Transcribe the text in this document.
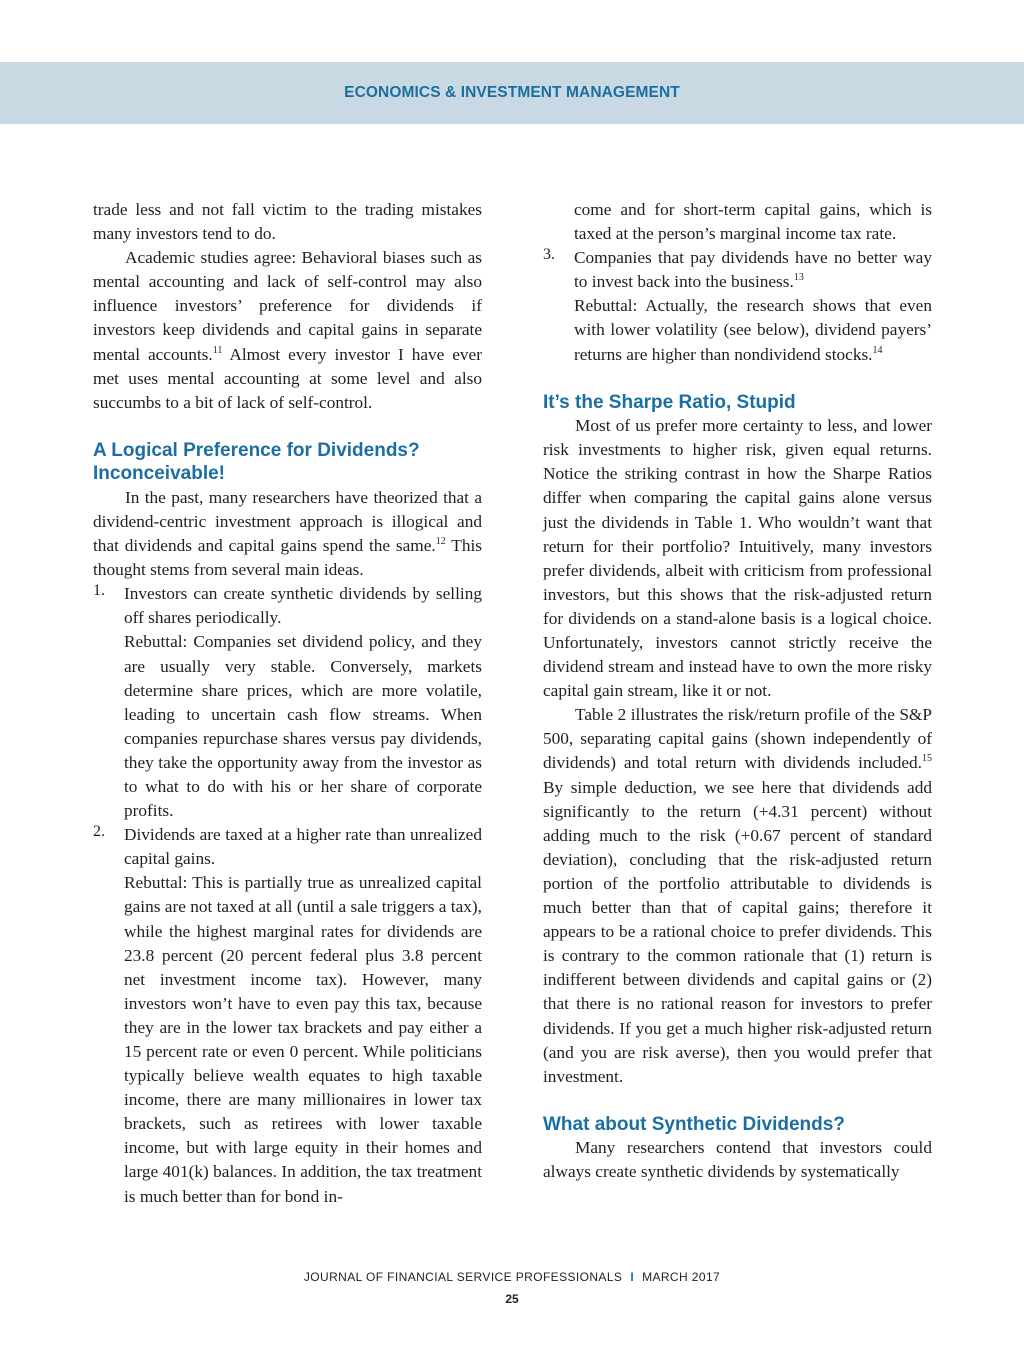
ECONOMICS & INVESTMENT MANAGEMENT

trade less and not fall victim to the trading mistakes many investors tend to do.

Academic studies agree: Behavioral biases such as mental accounting and lack of self-control may also influence investors’ preference for dividends if investors keep dividends and capital gains in separate mental accounts.$^{11}$ Almost every investor I have ever met uses mental accounting at some level and also succumbs to a bit of lack of self-control.

A Logical Preference for Dividends? Inconceivable!

In the past, many researchers have theorized that a dividend-centric investment approach is illogical and that dividends and capital gains spend the same.$^{12}$ This thought stems from several main ideas.

1. Investors can create synthetic dividends by selling off shares periodically.

Rebuttal: Companies set dividend policy, and they are usually very stable. Conversely, markets determine share prices, which are more volatile, leading to uncertain cash flow streams. When companies repurchase shares versus pay dividends, they take the opportunity away from the investor as to what to do with his or her share of corporate profits.

2. Dividends are taxed at a higher rate than unrealized capital gains.

Rebuttal: This is partially true as unrealized capital gains are not taxed at all (until a sale triggers a tax), while the highest marginal rates for dividends are 23.8 percent (20 percent federal plus 3.8 percent net investment income tax). However, many investors won’t have to even pay this tax, because they are in the lower tax brackets and pay either a 15 percent rate or even 0 percent. While politicians typically believe wealth equates to high taxable income, there are many millionaires in lower tax brackets, such as retirees with lower taxable income, but with large equity in their homes and large 401(k) balances. In addition, the tax treatment is much better than for bond in-

come and for short-term capital gains, which is taxed at the person’s marginal income tax rate.

3. Companies that pay dividends have no better way to invest back into the business.$^{13}$

Rebuttal: Actually, the research shows that even with lower volatility (see below), dividend payers’ returns are higher than nondividend stocks.$^{14}$

It’s the Sharpe Ratio, Stupid

Most of us prefer more certainty to less, and lower risk investments to higher risk, given equal returns. Notice the striking contrast in how the Sharpe Ratios differ when comparing the capital gains alone versus just the dividends in Table 1. Who wouldn’t want that return for their portfolio? Intuitively, many investors prefer dividends, albeit with criticism from professional investors, but this shows that the risk-adjusted return for dividends on a stand-alone basis is a logical choice. Unfortunately, investors cannot strictly receive the dividend stream and instead have to own the more risky capital gain stream, like it or not.

Table 2 illustrates the risk/return profile of the S&P 500, separating capital gains (shown independently of dividends) and total return with dividends included.$^{15}$ By simple deduction, we see here that dividends add significantly to the return (+4.31 percent) without adding much to the risk (+0.67 percent of standard deviation), concluding that the risk-adjusted return portion of the portfolio attributable to dividends is much better than that of capital gains; therefore it appears to be a rational choice to prefer dividends. This is contrary to the common rationale that (1) return is indifferent between dividends and capital gains or (2) that there is no rational reason for investors to prefer dividends. If you get a much higher risk-adjusted return (and you are risk averse), then you would prefer that investment.

What about Synthetic Dividends?

Many researchers contend that investors could always create synthetic dividends by systematically

JOURNAL OF FINANCIAL SERVICE PROFESSIONALS I MARCH 2017
25
